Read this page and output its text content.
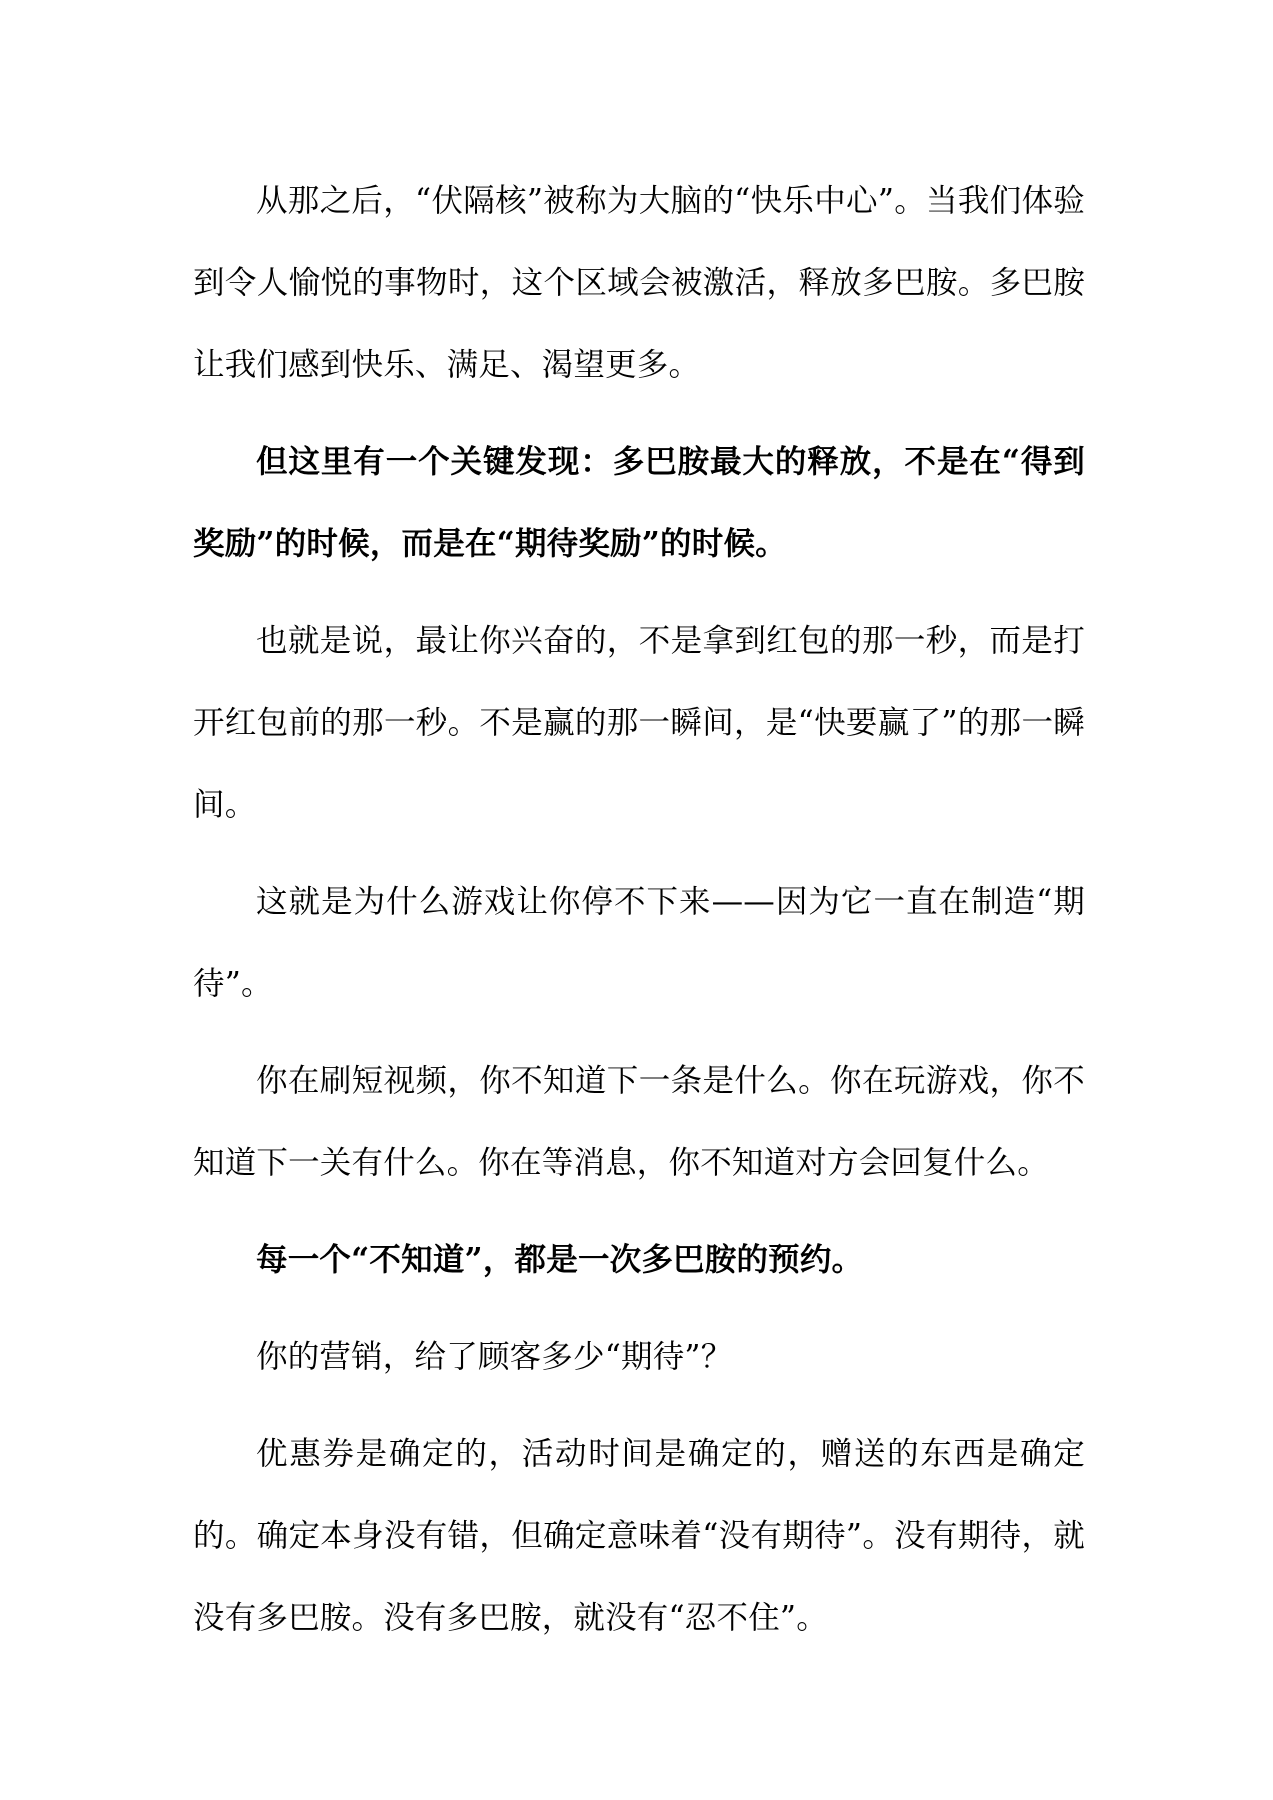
从那之后，“伏隔核”被称为大脑的“快乐中心”。当我们体验到令人愉悦的事物时，这个区域会被激活，释放多巴胺。多巴胺让我们感到快乐、满足、渴望更多。

但这里有一个关键发现：多巴胺最大的释放，不是在“得到奖励”的时候，而是在“期待奖励”的时候。

也就是说，最让你兴奋的，不是拿到红包的那一秒，而是打开红包前的那一秒。不是赢的那一瞬间，是“快要赢了”的那一瞬间。

这就是为什么游戏让你停不下来——因为它一直在制造“期待”。

你在刷短视频，你不知道下一条是什么。你在玩游戏，你不知道下一关有什么。你在等消息，你不知道对方会回复什么。

每一个“不知道”，都是一次多巴胺的预约。

你的营销，给了顾客多少“期待”？

优惠券是确定的，活动时间是确定的，赠送的东西是确定的。确定本身没有错，但确定意味着“没有期待”。没有期待，就没有多巴胺。没有多巴胺，就没有“忍不住”。
